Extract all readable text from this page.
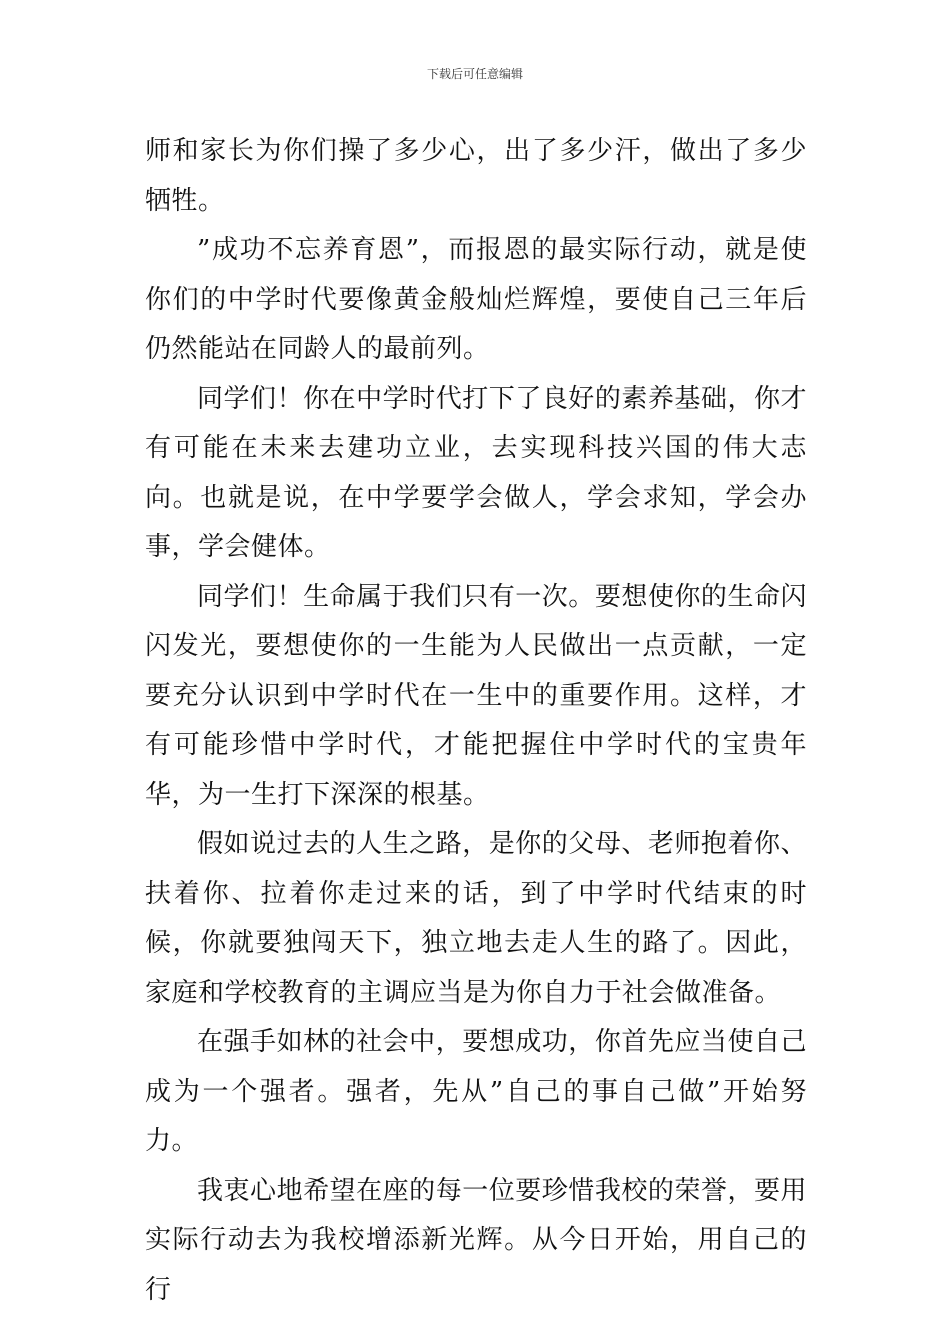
下载后可任意编辑

师和家长为你们操了多少心，出了多少汗，做出了多少牺牲。

”成功不忘养育恩”，而报恩的最实际行动，就是使你们的中学时代要像黄金般灿烂辉煌，要使自己三年后仍然能站在同龄人的最前列。

同学们！你在中学时代打下了良好的素养基础，你才有可能在未来去建功立业，去实现科技兴国的伟大志向。也就是说，在中学要学会做人，学会求知，学会办事，学会健体。

同学们！生命属于我们只有一次。要想使你的生命闪闪发光，要想使你的一生能为人民做出一点贡献，一定要充分认识到中学时代在一生中的重要作用。这样，才有可能珍惜中学时代，才能把握住中学时代的宝贵年华，为一生打下深深的根基。

假如说过去的人生之路，是你的父母、老师抱着你、扶着你、拉着你走过来的话，到了中学时代结束的时候，你就要独闯天下，独立地去走人生的路了。因此，家庭和学校教育的主调应当是为你自力于社会做准备。

在强手如林的社会中，要想成功，你首先应当使自己成为一个强者。强者，先从”自己的事自己做”开始努力。

我衷心地希望在座的每一位要珍惜我校的荣誉，要用实际行动去为我校增添新光辉。从今日开始，用自己的行
